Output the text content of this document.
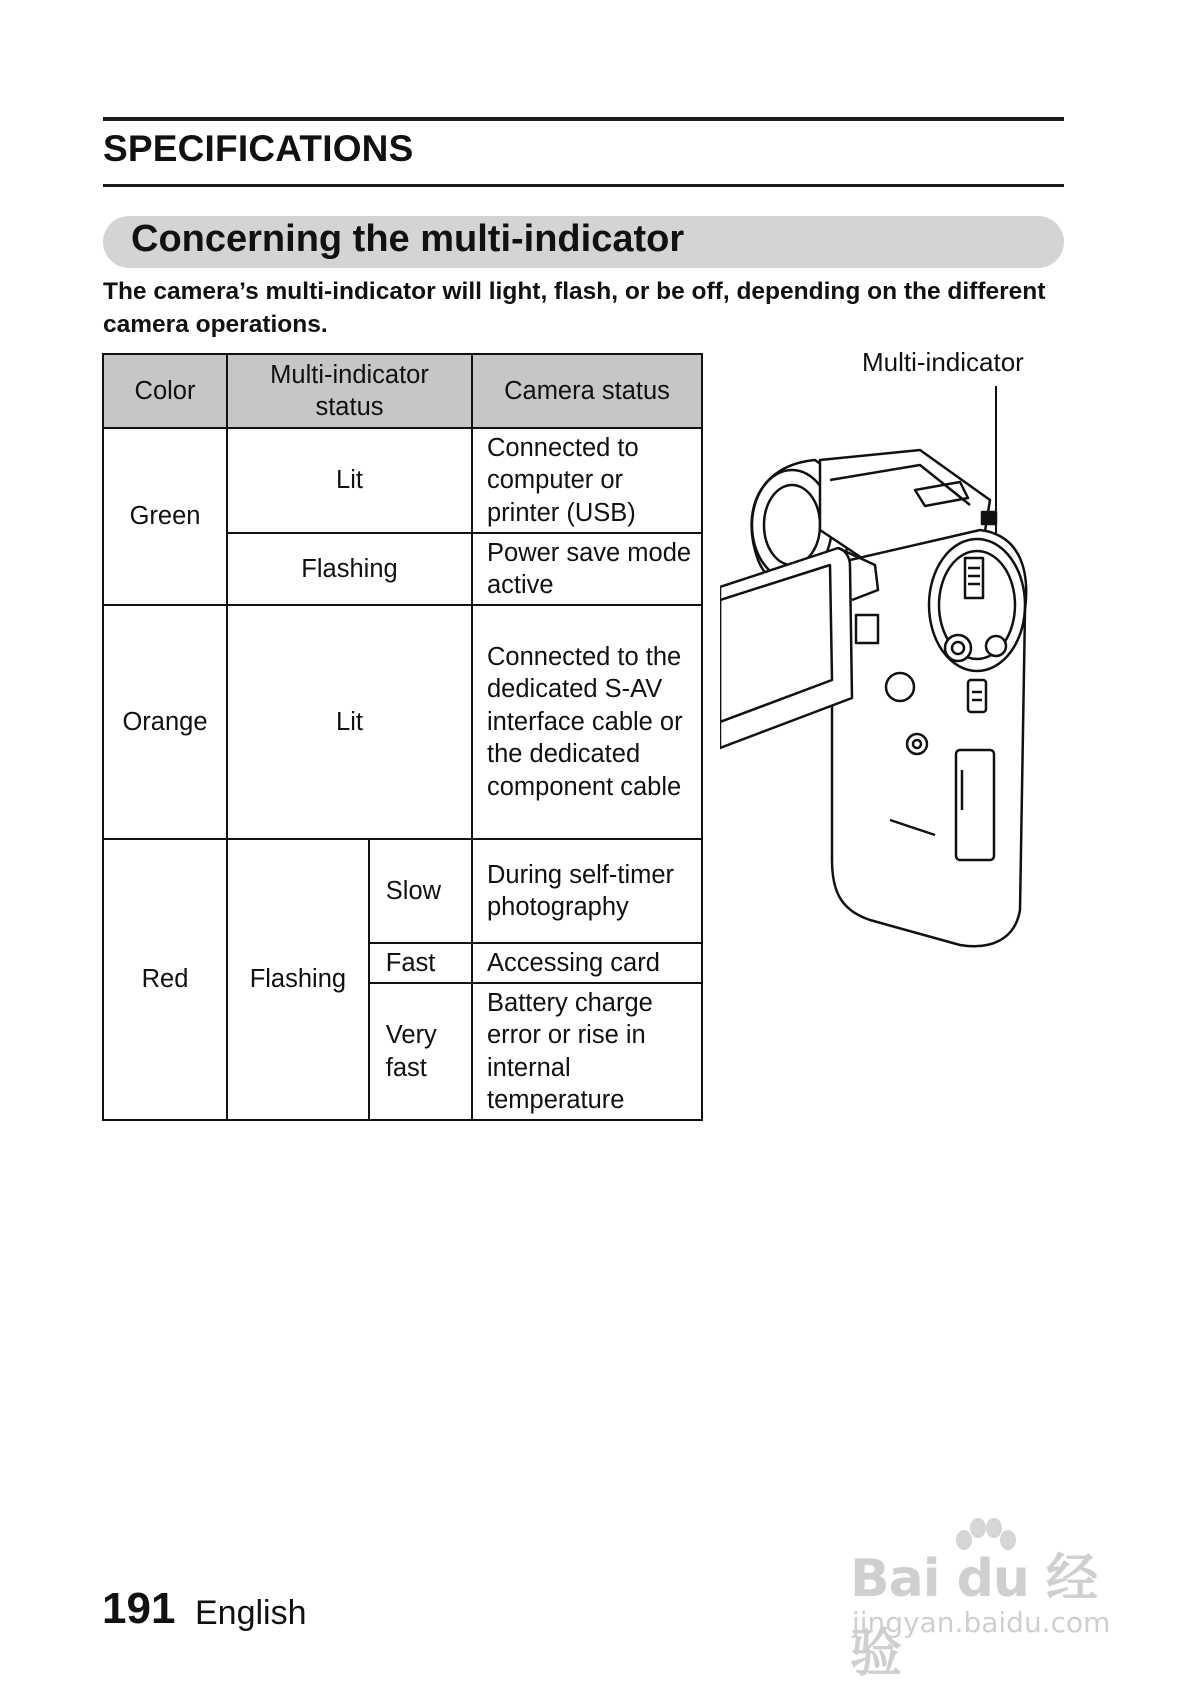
SPECIFICATIONS
Concerning the multi-indicator
The camera’s multi-indicator will light, flash, or be off, depending on the different camera operations.
Color	Multi-indicator status		Camera status
Green	Lit		Connected to computer or printer (USB)
	Flashing		Power save mode active
Orange	Lit		Connected to the dedicated S-AV interface cable or the dedicated component cable
Red	Flashing	Slow	During self-timer photography
		Fast	Accessing card
		Very fast	Battery charge error or rise in internal temperature
Multi-indicator
191 English
Bai du 经验
jingyan.baidu.com
